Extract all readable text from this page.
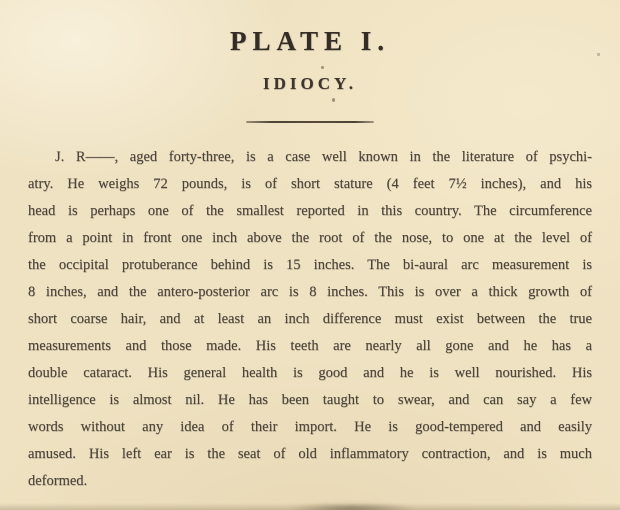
PLATE I.
IDIOCY.
J. R——, aged forty-three, is a case well known in the literature of psychi-
atry. He weighs 72 pounds, is of short stature (4 feet 7½ inches), and his
head is perhaps one of the smallest reported in this country. The circumference
from a point in front one inch above the root of the nose, to one at the level of
the occipital protuberance behind is 15 inches. The bi-aural arc measurement is
8 inches, and the antero-posterior arc is 8 inches. This is over a thick growth of
short coarse hair, and at least an inch difference must exist between the true
measurements and those made. His teeth are nearly all gone and he has a
double cataract. His general health is good and he is well nourished. His
intelligence is almost nil. He has been taught to swear, and can say a few
words without any idea of their import. He is good-tempered and easily
amused. His left ear is the seat of old inflammatory contraction, and is much
deformed.
